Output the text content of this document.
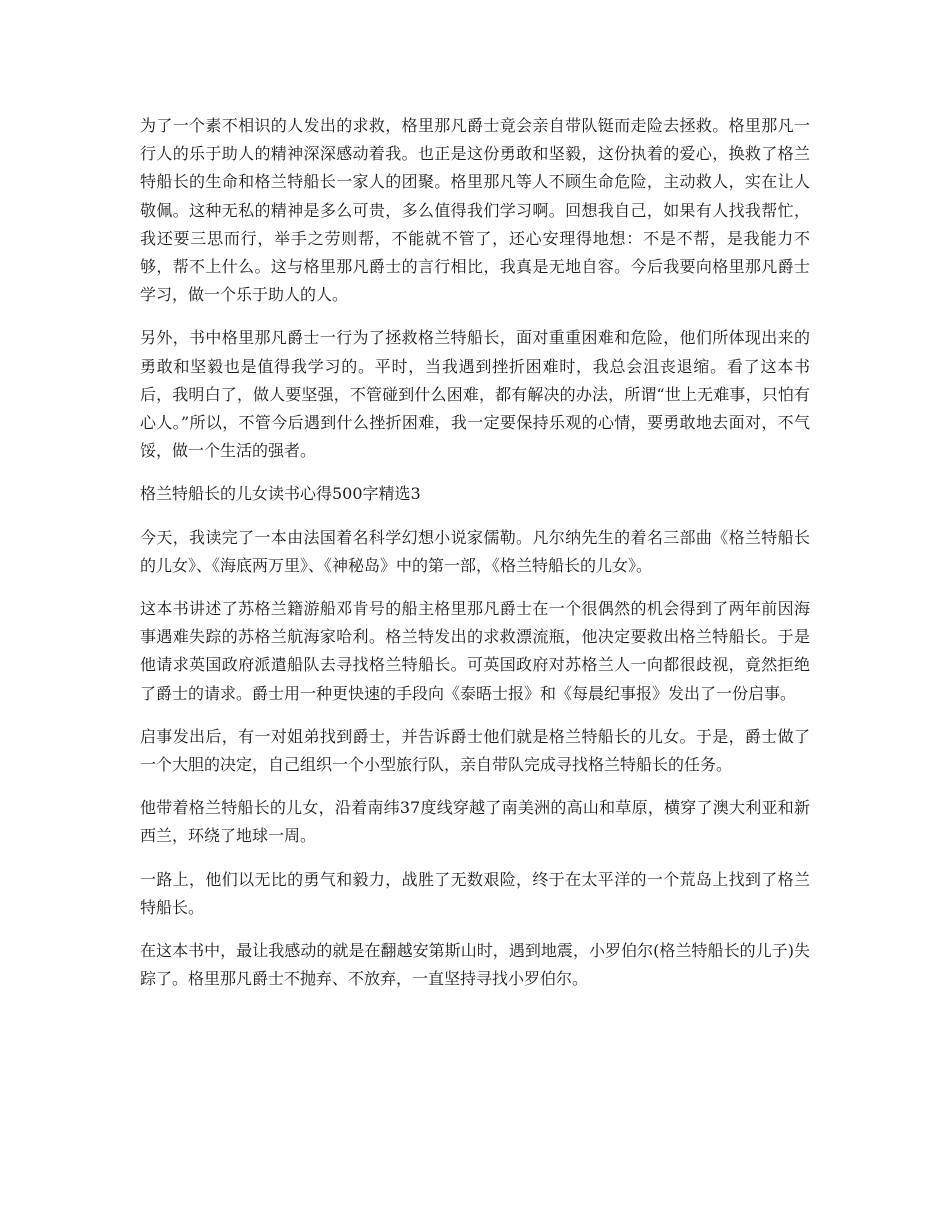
为了一个素不相识的人发出的求救，格里那凡爵士竟会亲自带队铤而走险去拯救。格里那凡一行人的乐于助人的精神深深感动着我。也正是这份勇敢和坚毅，这份执着的爱心，换救了格兰特船长的生命和格兰特船长一家人的团聚。格里那凡等人不顾生命危险，主动救人，实在让人敬佩。这种无私的精神是多么可贵，多么值得我们学习啊。回想我自己，如果有人找我帮忙，我还要三思而行，举手之劳则帮，不能就不管了，还心安理得地想：不是不帮，是我能力不够，帮不上什么。这与格里那凡爵士的言行相比，我真是无地自容。今后我要向格里那凡爵士学习，做一个乐于助人的人。

另外，书中格里那凡爵士一行为了拯救格兰特船长，面对重重困难和危险，他们所体现出来的勇敢和坚毅也是值得我学习的。平时，当我遇到挫折困难时，我总会沮丧退缩。看了这本书后，我明白了，做人要坚强，不管碰到什么困难，都有解决的办法，所谓“世上无难事，只怕有心人。”所以，不管今后遇到什么挫折困难，我一定要保持乐观的心情，要勇敢地去面对，不气馁，做一个生活的强者。

格兰特船长的儿女读书心得500字精选3

今天，我读完了一本由法国着名科学幻想小说家儒勒。凡尔纳先生的着名三部曲《格兰特船长的儿女》、《海底两万里》、《神秘岛》中的第一部，《格兰特船长的儿女》。

这本书讲述了苏格兰籍游船邓肯号的船主格里那凡爵士在一个很偶然的机会得到了两年前因海事遇难失踪的苏格兰航海家哈利。格兰特发出的求救漂流瓶，他决定要救出格兰特船长。于是他请求英国政府派遣船队去寻找格兰特船长。可英国政府对苏格兰人一向都很歧视，竟然拒绝了爵士的请求。爵士用一种更快速的手段向《泰晤士报》和《每晨纪事报》发出了一份启事。

启事发出后，有一对姐弟找到爵士，并告诉爵士他们就是格兰特船长的儿女。于是，爵士做了一个大胆的决定，自己组织一个小型旅行队，亲自带队完成寻找格兰特船长的任务。

他带着格兰特船长的儿女，沿着南纬37度线穿越了南美洲的高山和草原，横穿了澳大利亚和新西兰，环绕了地球一周。

一路上，他们以无比的勇气和毅力，战胜了无数艰险，终于在太平洋的一个荒岛上找到了格兰特船长。

在这本书中，最让我感动的就是在翻越安第斯山时，遇到地震，小罗伯尔(格兰特船长的儿子)失踪了。格里那凡爵士不抛弃、不放弃，一直坚持寻找小罗伯尔。
